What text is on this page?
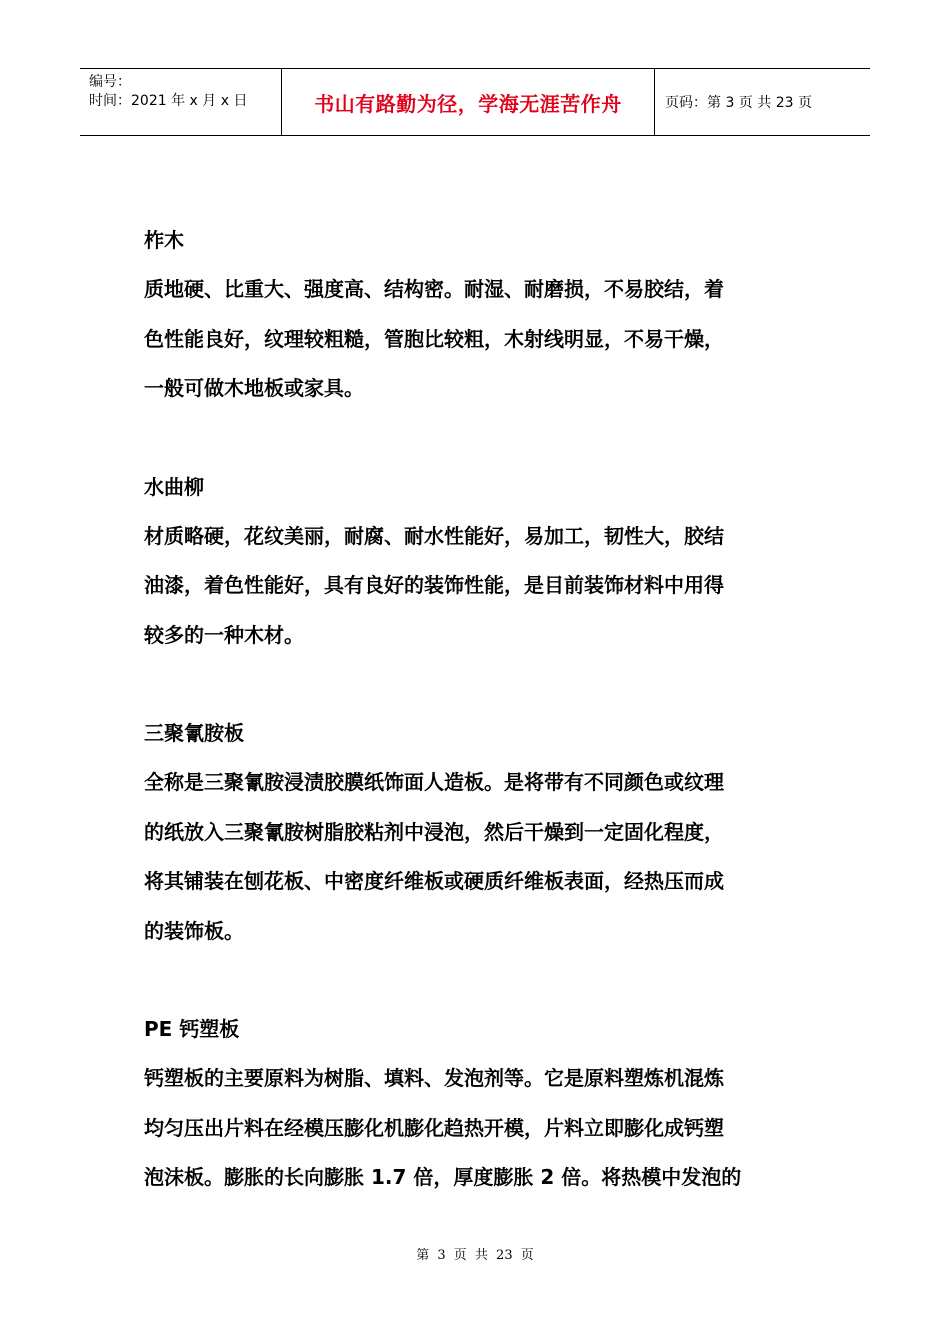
编号：
时间：2021 年 x 月 x 日	书山有路勤为径，学海无涯苦作舟	页码：第 3 页 共 23 页

柞木

质地硬、比重大、强度高、结构密。耐湿、耐磨损，不易胶结，着
色性能良好，纹理较粗糙，管胞比较粗，木射线明显，不易干燥，
一般可做木地板或家具。

水曲柳

材质略硬，花纹美丽，耐腐、耐水性能好，易加工，韧性大，胶结
油漆，着色性能好，具有良好的装饰性能，是目前装饰材料中用得
较多的一种木材。

三聚氰胺板

全称是三聚氰胺浸渍胶膜纸饰面人造板。是将带有不同颜色或纹理
的纸放入三聚氰胺树脂胶粘剂中浸泡，然后干燥到一定固化程度，
将其铺装在刨花板、中密度纤维板或硬质纤维板表面，经热压而成
的装饰板。

PE 钙塑板

钙塑板的主要原料为树脂、填料、发泡剂等。它是原料塑炼机混炼
均匀压出片料在经模压膨化机膨化趋热开模，片料立即膨化成钙塑
泡沫板。膨胀的长向膨胀 1.7 倍，厚度膨胀 2 倍。将热模中发泡的

第 3 页 共 23 页
